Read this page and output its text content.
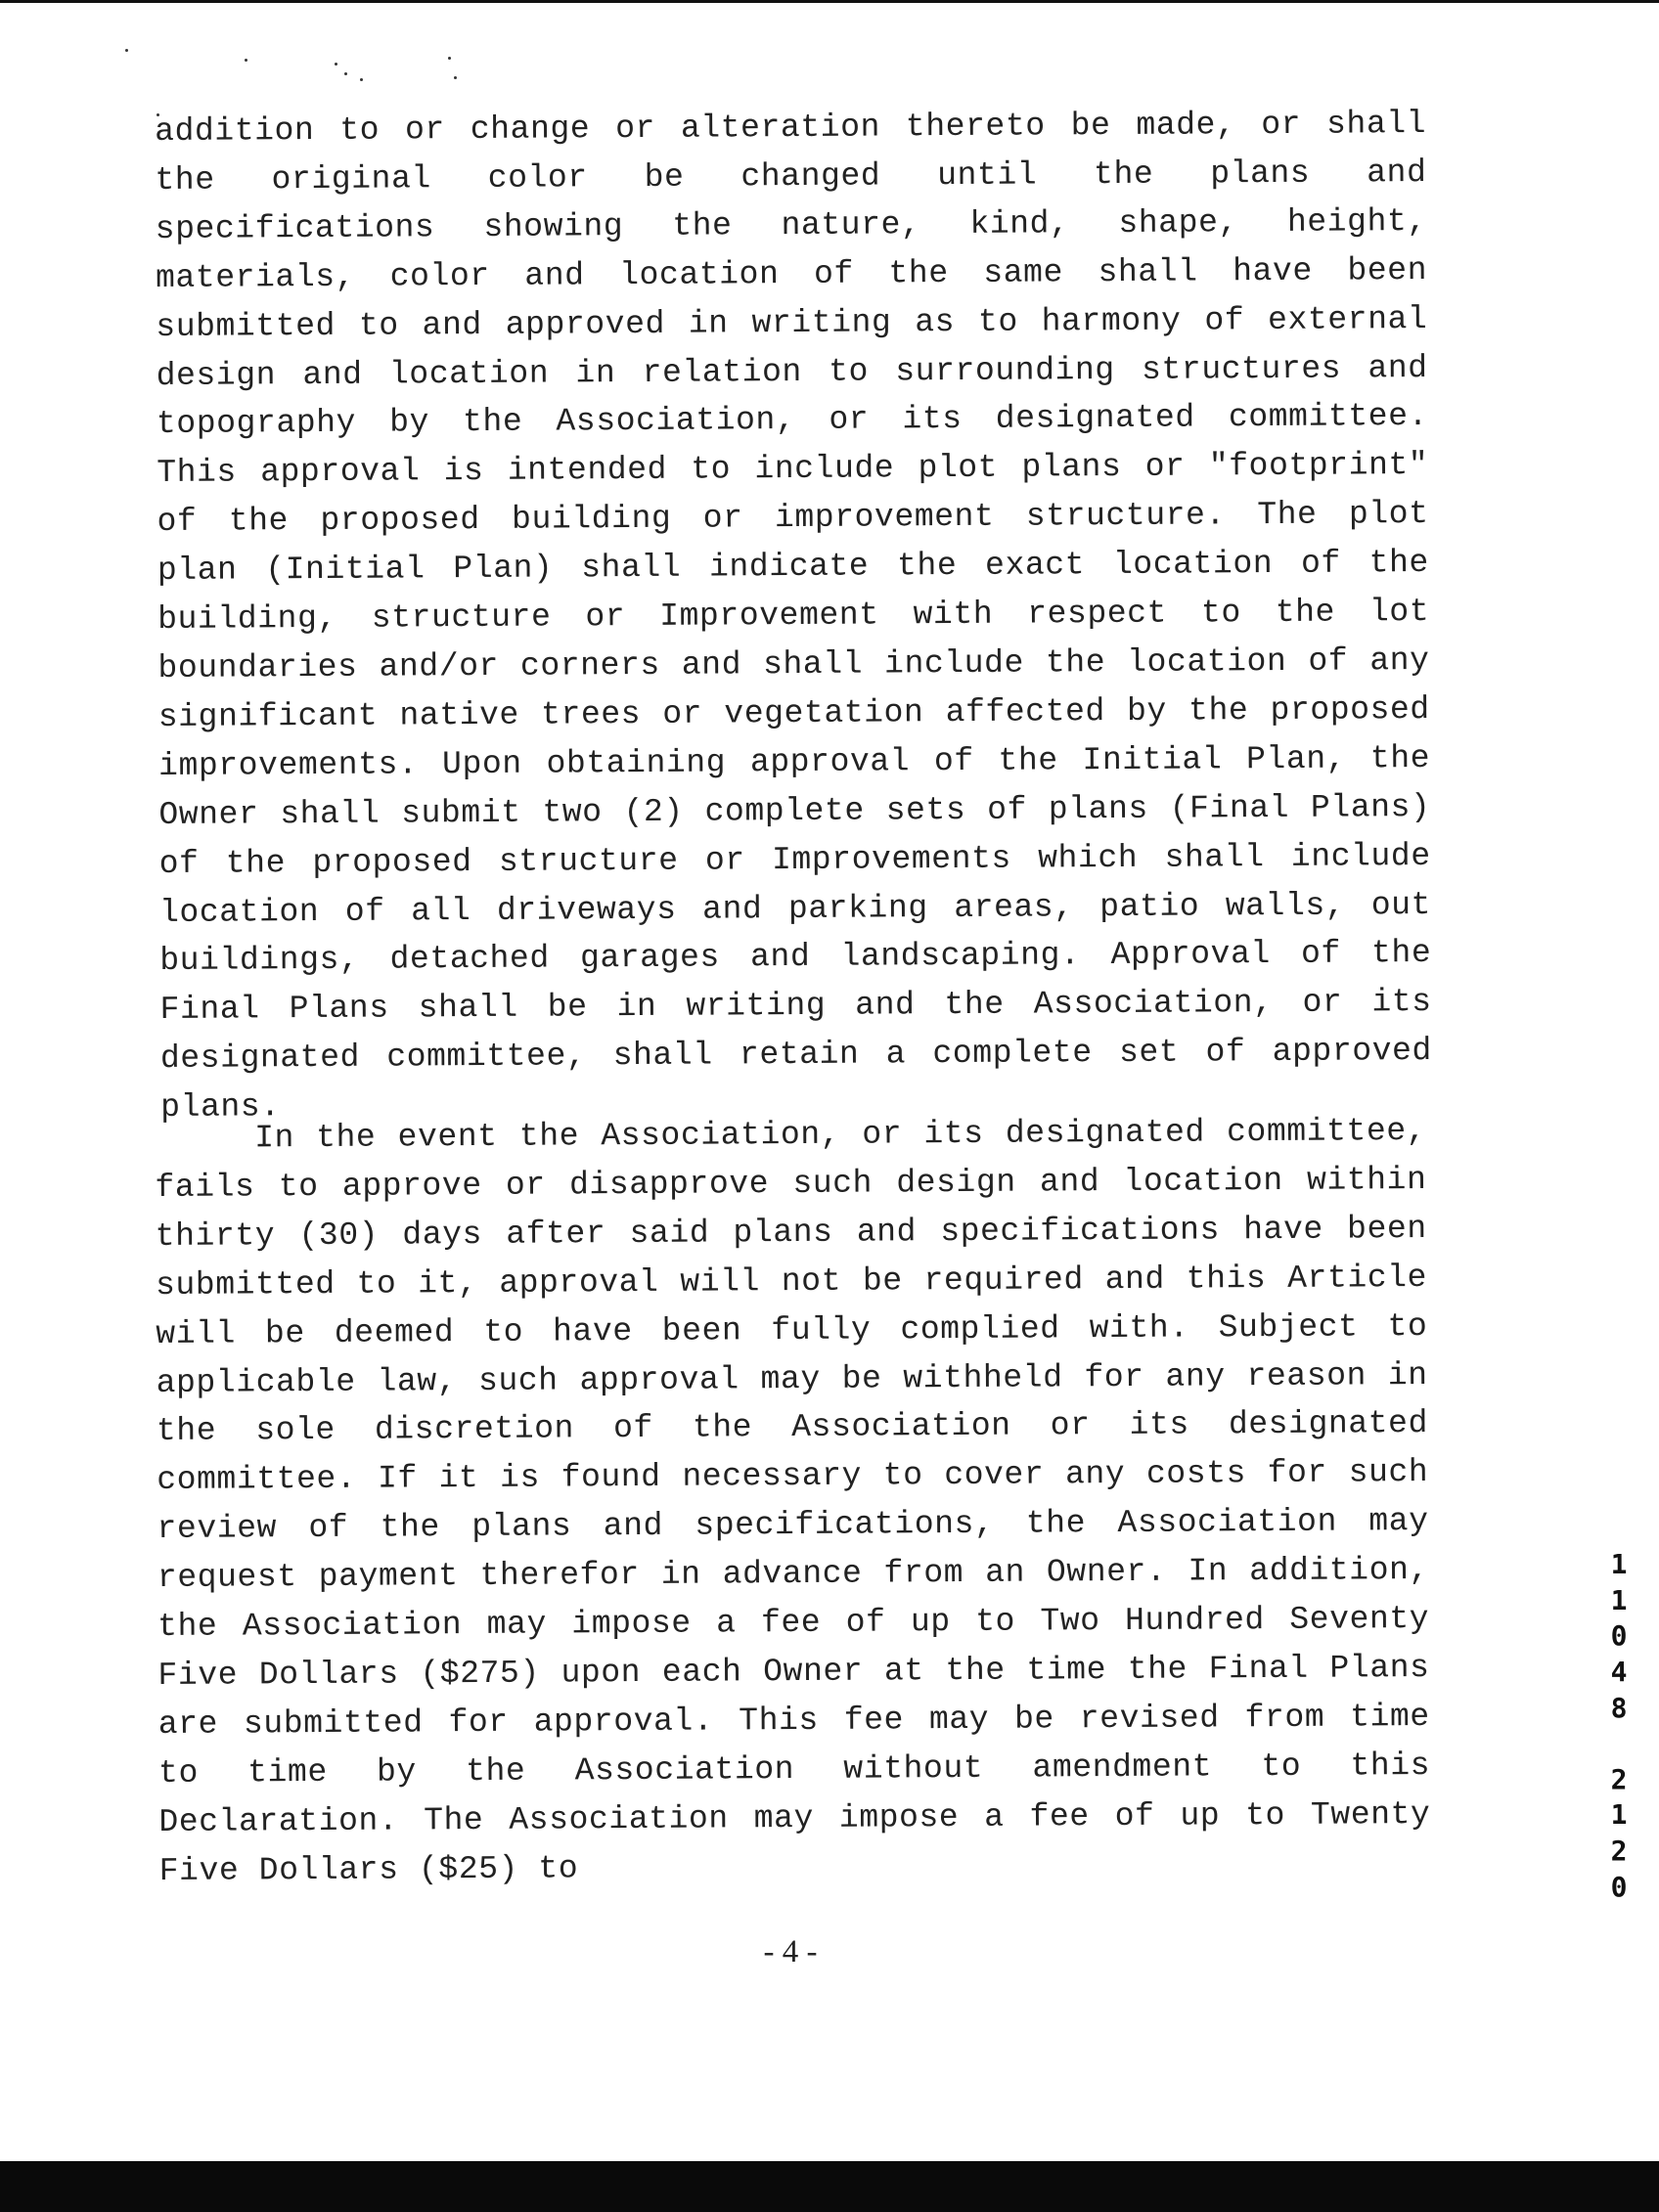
addition to or change or alteration thereto be made, or shall the original color be changed until the plans and specifications showing the nature, kind, shape, height, materials, color and location of the same shall have been submitted to and approved in writing as to harmony of external design and location in relation to surrounding structures and topography by the Association, or its designated committee. This approval is intended to include plot plans or "footprint" of the proposed building or improvement structure. The plot plan (Initial Plan) shall indicate the exact location of the building, structure or Improvement with respect to the lot boundaries and/or corners and shall include the location of any significant native trees or vegetation affected by the proposed improvements. Upon obtaining approval of the Initial Plan, the Owner shall submit two (2) complete sets of plans (Final Plans) of the proposed structure or Improvements which shall include location of all driveways and parking areas, patio walls, out buildings, detached garages and landscaping. Approval of the Final Plans shall be in writing and the Association, or its designated committee, shall retain a complete set of approved plans.

In the event the Association, or its designated committee, fails to approve or disapprove such design and location within thirty (30) days after said plans and specifications have been submitted to it, approval will not be required and this Article will be deemed to have been fully complied with. Subject to applicable law, such approval may be withheld for any reason in the sole discretion of the Association or its designated committee. If it is found necessary to cover any costs for such review of the plans and specifications, the Association may request payment therefor in advance from an Owner. In addition, the Association may impose a fee of up to Two Hundred Seventy Five Dollars ($275) upon each Owner at the time the Final Plans are submitted for approval. This fee may be revised from time to time by the Association without amendment to this Declaration. The Association may impose a fee of up to Twenty Five Dollars ($25) to

- 4 -
1
1
0
4
8
2
1
2
0
